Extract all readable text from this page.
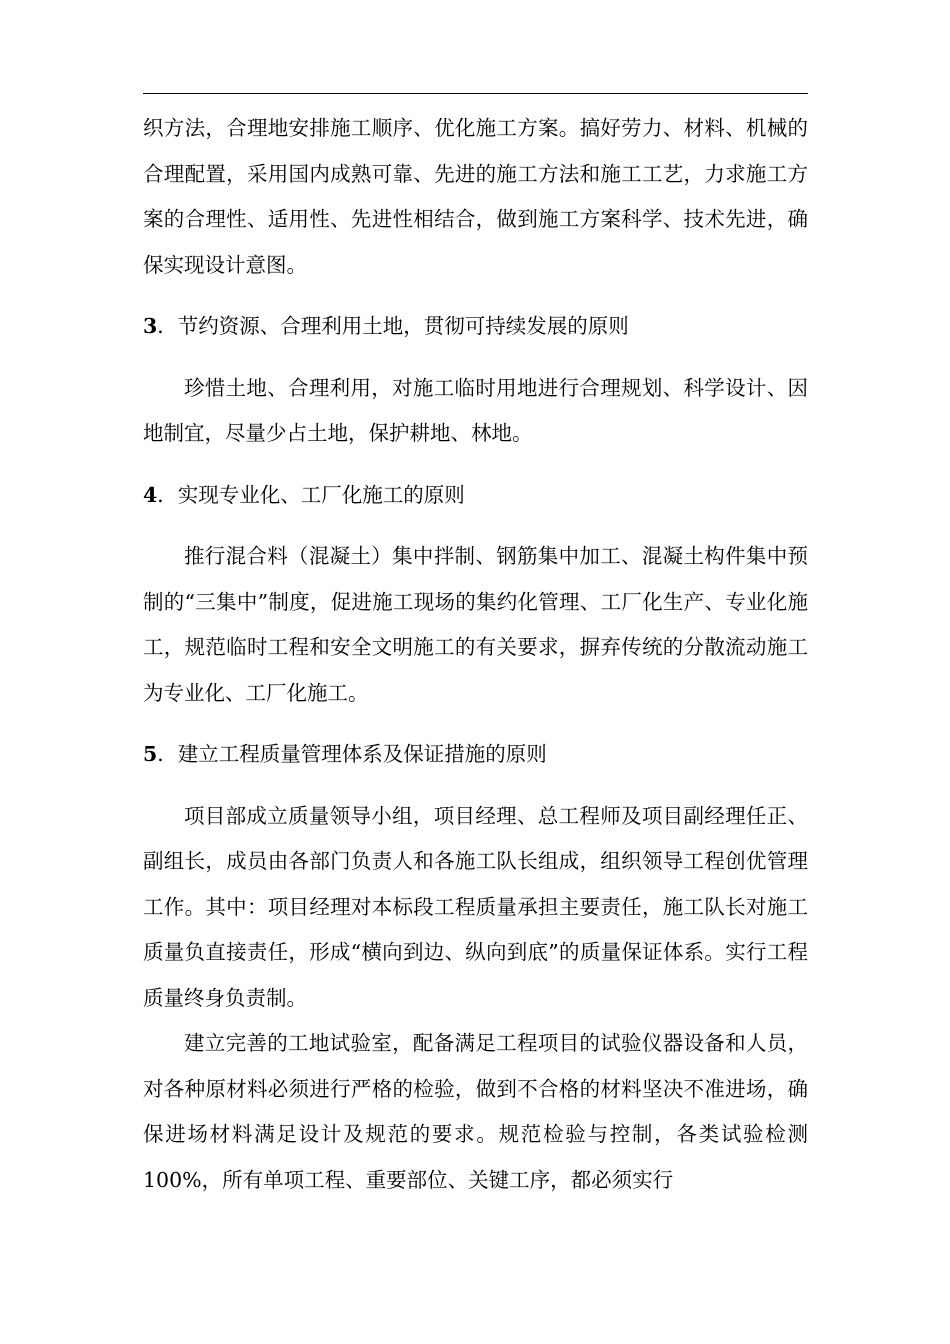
织方法，合理地安排施工顺序、优化施工方案。搞好劳力、材料、机械的合理配置，采用国内成熟可靠、先进的施工方法和施工工艺，力求施工方案的合理性、适用性、先进性相结合，做到施工方案科学、技术先进，确保实现设计意图。

3．节约资源、合理利用土地，贯彻可持续发展的原则

珍惜土地、合理利用，对施工临时用地进行合理规划、科学设计、因地制宜，尽量少占土地，保护耕地、林地。

4．实现专业化、工厂化施工的原则

推行混合料（混凝土）集中拌制、钢筋集中加工、混凝土构件集中预制的“三集中”制度，促进施工现场的集约化管理、工厂化生产、专业化施工，规范临时工程和安全文明施工的有关要求，摒弃传统的分散流动施工为专业化、工厂化施工。

5．建立工程质量管理体系及保证措施的原则

项目部成立质量领导小组，项目经理、总工程师及项目副经理任正、副组长，成员由各部门负责人和各施工队长组成，组织领导工程创优管理工作。其中：项目经理对本标段工程质量承担主要责任，施工队长对施工质量负直接责任，形成“横向到边、纵向到底”的质量保证体系。实行工程质量终身负责制。

建立完善的工地试验室，配备满足工程项目的试验仪器设备和人员，对各种原材料必须进行严格的检验，做到不合格的材料坚决不准进场，确保进场材料满足设计及规范的要求。规范检验与控制，各类试验检测 100%，所有单项工程、重要部位、关键工序，都必须实行
